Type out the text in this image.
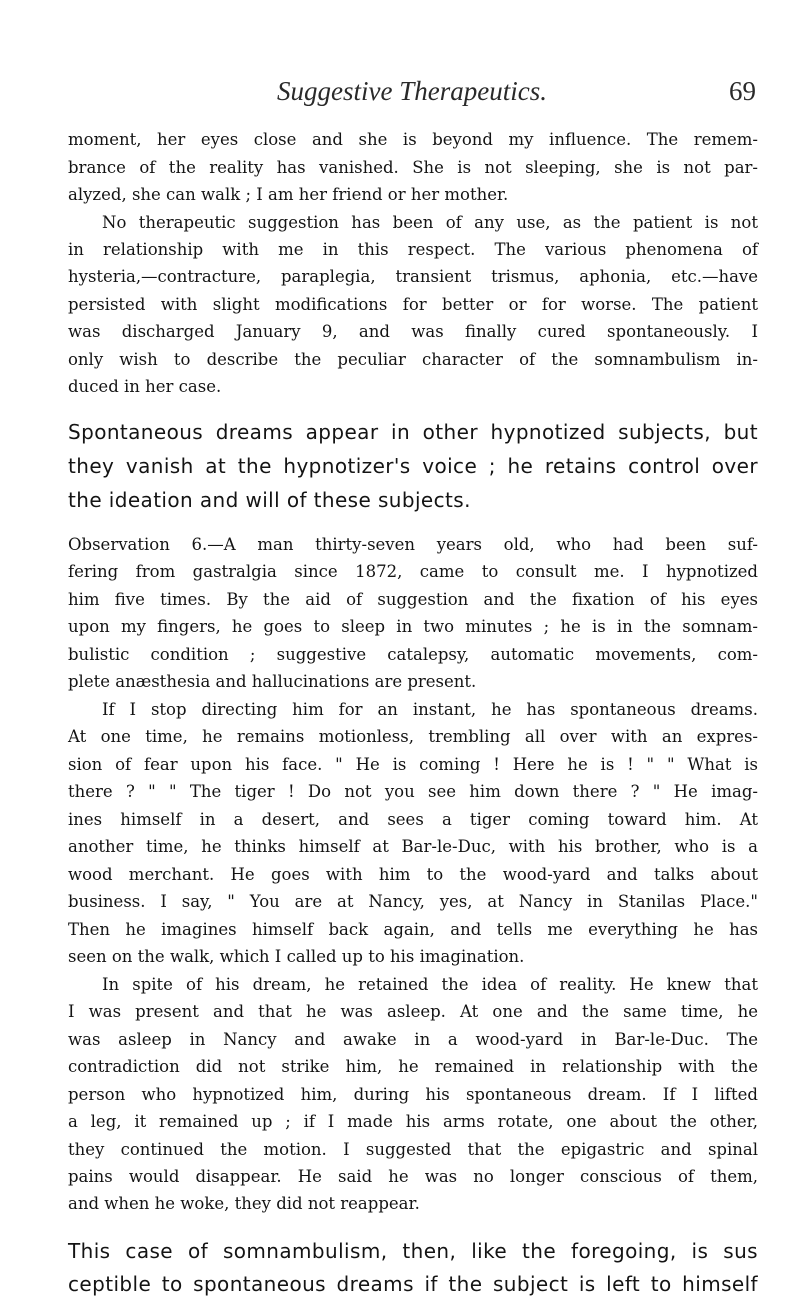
Suggestive Therapeutics.	69
moment, her eyes close and she is beyond my influence. The remem-
brance of the reality has vanished. She is not sleeping, she is not par-
alyzed, she can walk ; I am her friend or her mother.
No therapeutic suggestion has been of any use, as the patient is not
in relationship with me in this respect. The various phenomena of
hysteria,—contracture, paraplegia, transient trismus, aphonia, etc.—have
persisted with slight modifications for better or for worse. The patient
was discharged January 9, and was finally cured spontaneously. I
only wish to describe the peculiar character of the somnambulism in-
duced in her case.
Spontaneous dreams appear in other hypnotized subjects, but
they vanish at the hypnotizer's voice ; he retains control over
the ideation and will of these subjects.
Observation 6.—A man thirty-seven years old, who had been suf-
fering from gastralgia since 1872, came to consult me. I hypnotized
him five times. By the aid of suggestion and the fixation of his eyes
upon my fingers, he goes to sleep in two minutes ; he is in the somnam-
bulistic condition ; suggestive catalepsy, automatic movements, com-
plete anæsthesia and hallucinations are present.
If I stop directing him for an instant, he has spontaneous dreams.
At one time, he remains motionless, trembling all over with an expres-
sion of fear upon his face. " He is coming ! Here he is ! " " What is
there ? " " The tiger ! Do not you see him down there ? " He imag-
ines himself in a desert, and sees a tiger coming toward him. At
another time, he thinks himself at Bar-le-Duc, with his brother, who is a
wood merchant. He goes with him to the wood-yard and talks about
business. I say, " You are at Nancy, yes, at Nancy in Stanilas Place."
Then he imagines himself back again, and tells me everything he has
seen on the walk, which I called up to his imagination.
In spite of his dream, he retained the idea of reality. He knew that
I was present and that he was asleep. At one and the same time, he
was asleep in Nancy and awake in a wood-yard in Bar-le-Duc. The
contradiction did not strike him, he remained in relationship with the
person who hypnotized him, during his spontaneous dream. If I lifted
a leg, it remained up ; if I made his arms rotate, one about the other,
they continued the motion. I suggested that the epigastric and spinal
pains would disappear. He said he was no longer conscious of them,
and when he woke, they did not reappear.
This case of somnambulism, then, like the foregoing, is sus
ceptible to spontaneous dreams if the subject is left to himself
